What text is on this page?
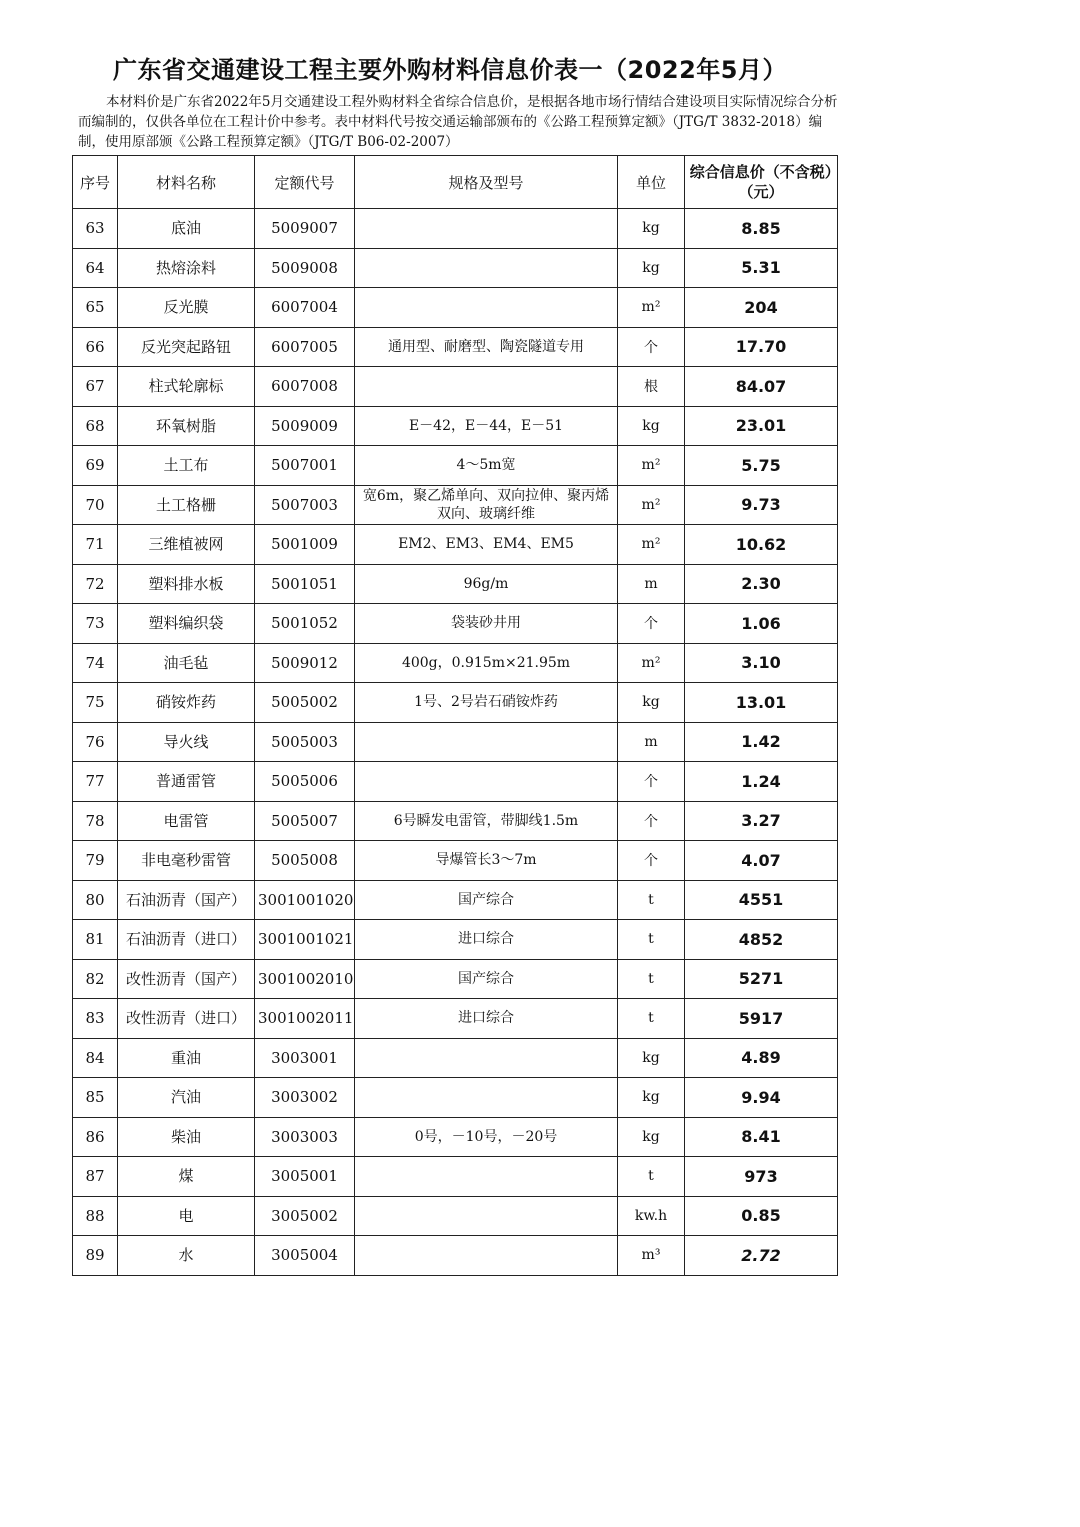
广东省交通建设工程主要外购材料信息价表一（2022年5月）
本材料价是广东省2022年5月交通建设工程外购材料全省综合信息价，是根据各地市场行情结合建设项目实际情况综合分析而编制的，仅供各单位在工程计价中参考。表中材料代号按交通运输部颁布的《公路工程预算定额》（JTG/T 3832-2018）编制，使用原部颁《公路工程预算定额》（JTG/T B06-02-2007）
序号	材料名称	定额代号	规格及型号	单位	综合信息价（不含税）（元）
63	底油	5009007		kg	8.85
64	热熔涂料	5009008		kg	5.31
65	反光膜	6007004		m²	204
66	反光突起路钮	6007005	通用型、耐磨型、陶瓷隧道专用	个	17.70
67	柱式轮廓标	6007008		根	84.07
68	环氧树脂	5009009	E－42，E－44，E－51	kg	23.01
69	土工布	5007001	4～5m宽	m²	5.75
70	土工格栅	5007003	宽6m，聚乙烯单向、双向拉伸、聚丙烯双向、玻璃纤维	m²	9.73
71	三维植被网	5001009	EM2、EM3、EM4、EM5	m²	10.62
72	塑料排水板	5001051	96g/m	m	2.30
73	塑料编织袋	5001052	袋装砂井用	个	1.06
74	油毛毡	5009012	400g，0.915m×21.95m	m²	3.10
75	硝铵炸药	5005002	1号、2号岩石硝铵炸药	kg	13.01
76	导火线	5005003		m	1.42
77	普通雷管	5005006		个	1.24
78	电雷管	5005007	6号瞬发电雷管，带脚线1.5m	个	3.27
79	非电毫秒雷管	5005008	导爆管长3～7m	个	4.07
80	石油沥青（国产）	3001001020	国产综合	t	4551
81	石油沥青（进口）	3001001021	进口综合	t	4852
82	改性沥青（国产）	3001002010	国产综合	t	5271
83	改性沥青（进口）	3001002011	进口综合	t	5917
84	重油	3003001		kg	4.89
85	汽油	3003002		kg	9.94
86	柴油	3003003	0号，－10号，－20号	kg	8.41
87	煤	3005001		t	973
88	电	3005002		kw.h	0.85
89	水	3005004		m³	2.72
